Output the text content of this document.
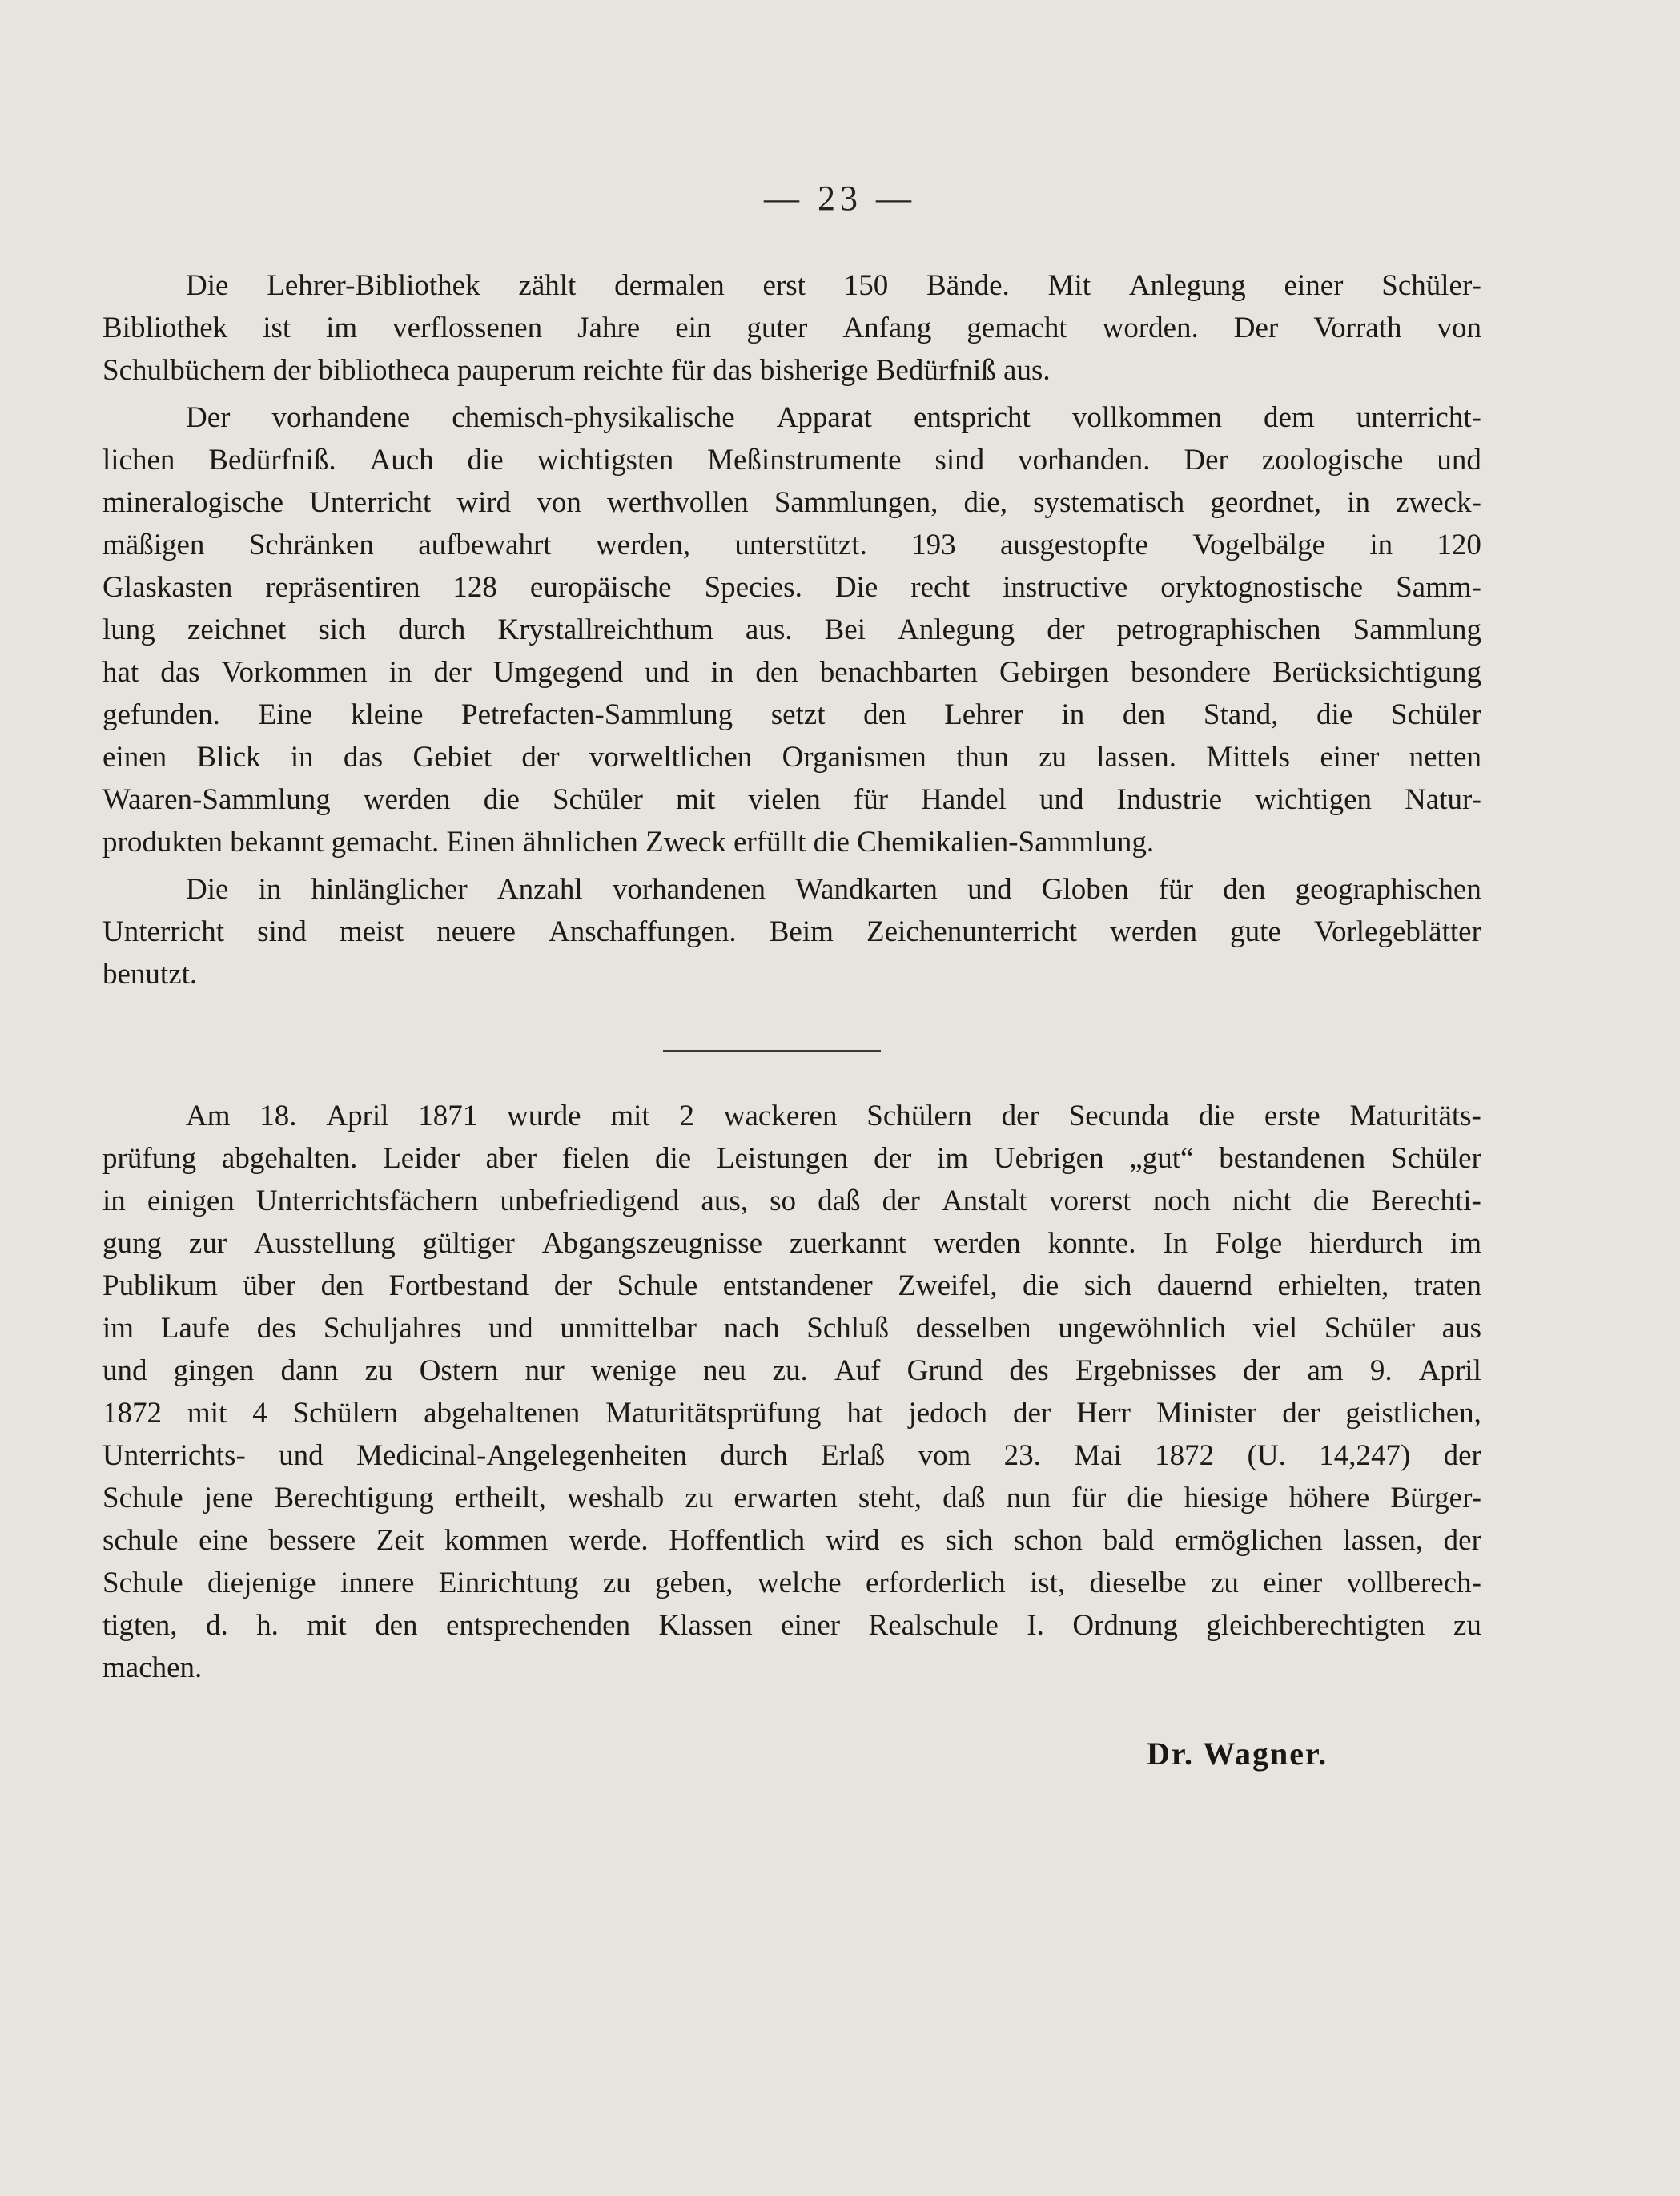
— 23 —
Die Lehrer-Bibliothek zählt dermalen erst 150 Bände. Mit Anlegung einer Schüler-
Bibliothek ist im verflossenen Jahre ein guter Anfang gemacht worden. Der Vorrath von
Schulbüchern der bibliotheca pauperum reichte für das bisherige Bedürfniß aus.
Der vorhandene chemisch-physikalische Apparat entspricht vollkommen dem unterricht-
lichen Bedürfniß. Auch die wichtigsten Meßinstrumente sind vorhanden. Der zoologische und
mineralogische Unterricht wird von werthvollen Sammlungen, die, systematisch geordnet, in zweck-
mäßigen Schränken aufbewahrt werden, unterstützt. 193 ausgestopfte Vogelbälge in 120
Glaskasten repräsentiren 128 europäische Species. Die recht instructive oryktognostische Samm-
lung zeichnet sich durch Krystallreichthum aus. Bei Anlegung der petrographischen Sammlung
hat das Vorkommen in der Umgegend und in den benachbarten Gebirgen besondere Berücksichtigung
gefunden. Eine kleine Petrefacten-Sammlung setzt den Lehrer in den Stand, die Schüler
einen Blick in das Gebiet der vorweltlichen Organismen thun zu lassen. Mittels einer netten
Waaren-Sammlung werden die Schüler mit vielen für Handel und Industrie wichtigen Natur-
produkten bekannt gemacht. Einen ähnlichen Zweck erfüllt die Chemikalien-Sammlung.
Die in hinlänglicher Anzahl vorhandenen Wandkarten und Globen für den geographischen
Unterricht sind meist neuere Anschaffungen. Beim Zeichenunterricht werden gute Vorlegeblätter
benutzt.
Am 18. April 1871 wurde mit 2 wackeren Schülern der Secunda die erste Maturitäts-
prüfung abgehalten. Leider aber fielen die Leistungen der im Uebrigen „gut“ bestandenen Schüler
in einigen Unterrichtsfächern unbefriedigend aus, so daß der Anstalt vorerst noch nicht die Berechti-
gung zur Ausstellung gültiger Abgangszeugnisse zuerkannt werden konnte. In Folge hierdurch im
Publikum über den Fortbestand der Schule entstandener Zweifel, die sich dauernd erhielten, traten
im Laufe des Schuljahres und unmittelbar nach Schluß desselben ungewöhnlich viel Schüler aus
und gingen dann zu Ostern nur wenige neu zu. Auf Grund des Ergebnisses der am 9. April
1872 mit 4 Schülern abgehaltenen Maturitätsprüfung hat jedoch der Herr Minister der geistlichen,
Unterrichts- und Medicinal-Angelegenheiten durch Erlaß vom 23. Mai 1872 (U. 14,247) der
Schule jene Berechtigung ertheilt, weshalb zu erwarten steht, daß nun für die hiesige höhere Bürger-
schule eine bessere Zeit kommen werde. Hoffentlich wird es sich schon bald ermöglichen lassen, der
Schule diejenige innere Einrichtung zu geben, welche erforderlich ist, dieselbe zu einer vollberech-
tigten, d. h. mit den entsprechenden Klassen einer Realschule I. Ordnung gleichberechtigten zu
machen.
Dr. Wagner.
